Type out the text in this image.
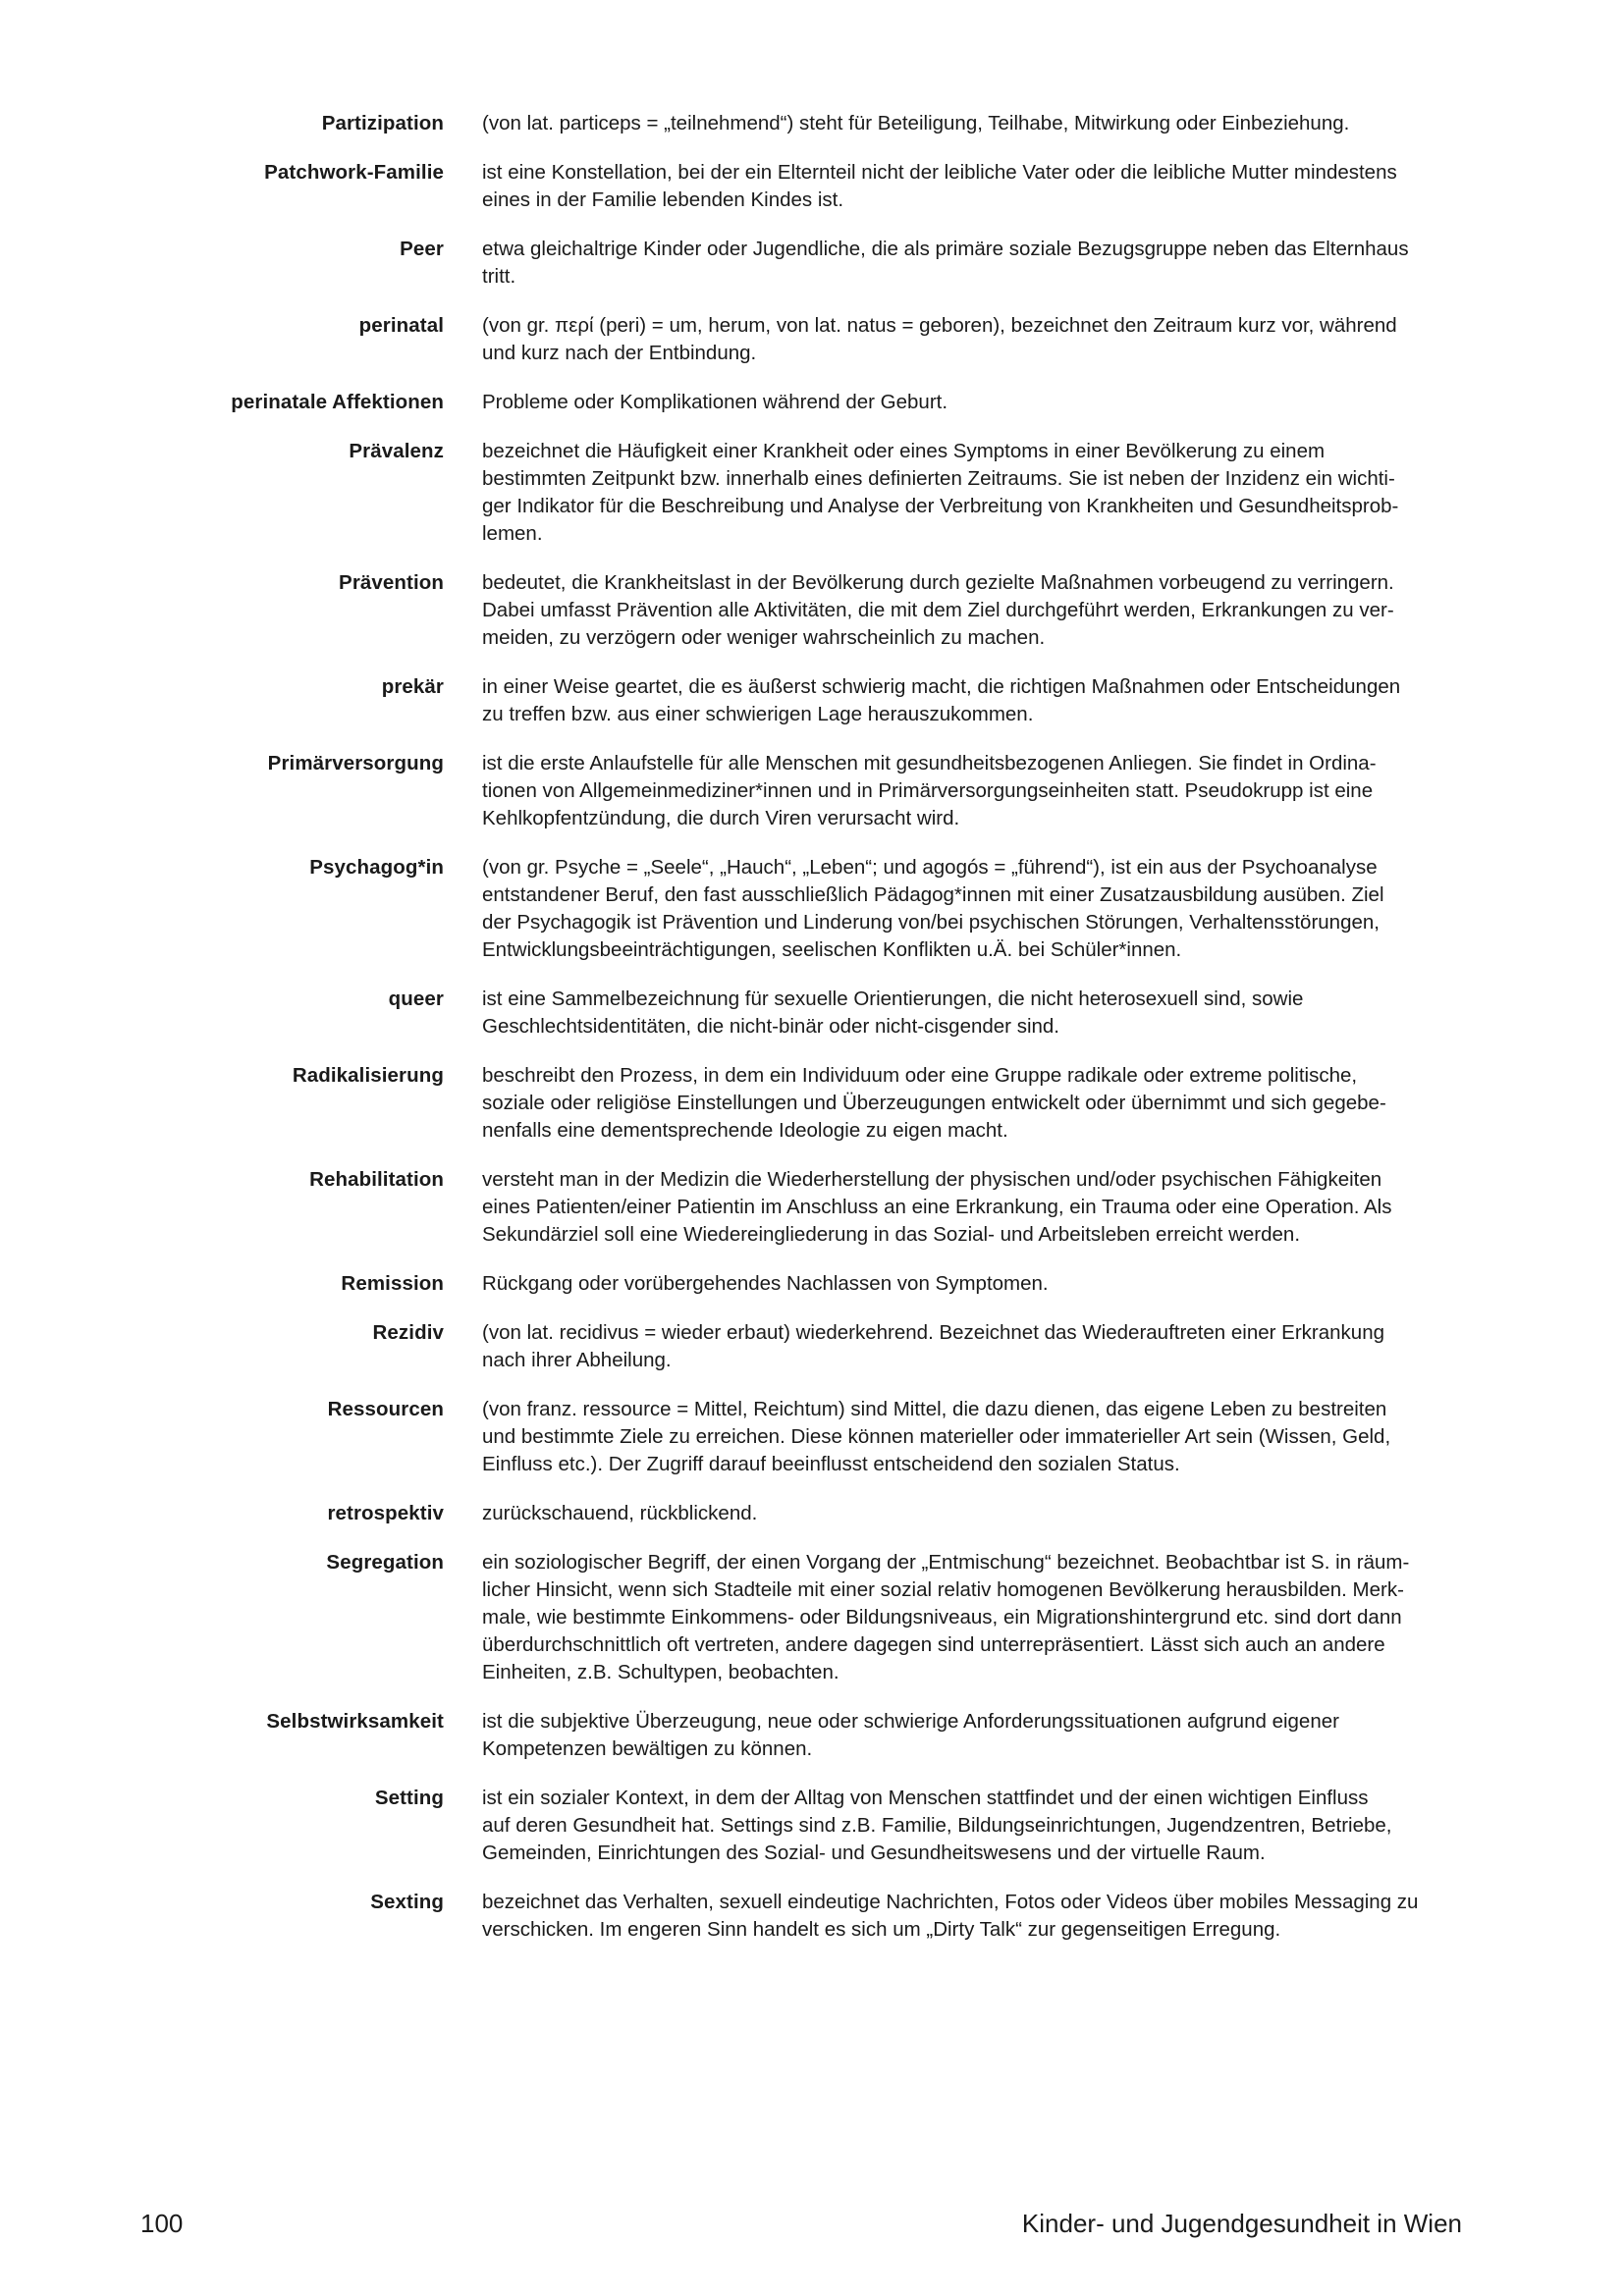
Partizipation (von lat. particeps = „teilnehmend“) steht für Beteiligung, Teilhabe, Mitwirkung oder Einbeziehung.
Patchwork-Familie ist eine Konstellation, bei der ein Elternteil nicht der leibliche Vater oder die leibliche Mutter mindestens
eines in der Familie lebenden Kindes ist.
Peer etwa gleichaltrige Kinder oder Jugendliche, die als primäre soziale Bezugsgruppe neben das Elternhaus
tritt.
perinatal (von gr. περί (peri) = um, herum, von lat. natus = geboren), bezeichnet den Zeitraum kurz vor, während
und kurz nach der Entbindung.
perinatale Affektionen Probleme oder Komplikationen während der Geburt.
Prävalenz bezeichnet die Häufigkeit einer Krankheit oder eines Symptoms in einer Bevölkerung zu einem
bestimmten Zeitpunkt bzw. innerhalb eines definierten Zeitraums. Sie ist neben der Inzidenz ein wichti-
ger Indikator für die Beschreibung und Analyse der Verbreitung von Krankheiten und Gesundheitsprob-
lemen.
Prävention bedeutet, die Krankheitslast in der Bevölkerung durch gezielte Maßnahmen vorbeugend zu verringern.
Dabei umfasst Prävention alle Aktivitäten, die mit dem Ziel durchgeführt werden, Erkrankungen zu ver-
meiden, zu verzögern oder weniger wahrscheinlich zu machen.
prekär in einer Weise geartet, die es äußerst schwierig macht, die richtigen Maßnahmen oder Entscheidungen
zu treffen bzw. aus einer schwierigen Lage herauszukommen.
Primärversorgung ist die erste Anlaufstelle für alle Menschen mit gesundheitsbezogenen Anliegen. Sie findet in Ordina-
tionen von Allgemeinmediziner*innen und in Primärversorgungseinheiten statt. Pseudokrupp ist eine
Kehlkopfentzündung, die durch Viren verursacht wird.
Psychagog*in (von gr. Psyche = „Seele“, „Hauch“, „Leben“; und agogós = „führend“), ist ein aus der Psychoanalyse
entstandener Beruf, den fast ausschließlich Pädagog*innen mit einer Zusatzausbildung ausüben. Ziel
der Psychagogik ist Prävention und Linderung von/bei psychischen Störungen, Verhaltensstörungen,
Entwicklungsbeeinträchtigungen, seelischen Konflikten u.Ä. bei Schüler*innen.
queer ist eine Sammelbezeichnung für sexuelle Orientierungen, die nicht heterosexuell sind, sowie
Geschlechtsidentitäten, die nicht-binär oder nicht-cisgender sind.
Radikalisierung beschreibt den Prozess, in dem ein Individuum oder eine Gruppe radikale oder extreme politische,
soziale oder religiöse Einstellungen und Überzeugungen entwickelt oder übernimmt und sich gegebe-
nenfalls eine dementsprechende Ideologie zu eigen macht.
Rehabilitation versteht man in der Medizin die Wiederherstellung der physischen und/oder psychischen Fähigkeiten
eines Patienten/einer Patientin im Anschluss an eine Erkrankung, ein Trauma oder eine Operation. Als
Sekundärziel soll eine Wiedereingliederung in das Sozial- und Arbeitsleben erreicht werden.
Remission Rückgang oder vorübergehendes Nachlassen von Symptomen.
Rezidiv (von lat. recidivus = wieder erbaut) wiederkehrend. Bezeichnet das Wiederauftreten einer Erkrankung
nach ihrer Abheilung.
Ressourcen (von franz. ressource = Mittel, Reichtum) sind Mittel, die dazu dienen, das eigene Leben zu bestreiten
und bestimmte Ziele zu erreichen. Diese können materieller oder immaterieller Art sein (Wissen, Geld,
Einfluss etc.). Der Zugriff darauf beeinflusst entscheidend den sozialen Status.
retrospektiv zurückschauend, rückblickend.
Segregation ein soziologischer Begriff, der einen Vorgang der „Entmischung“ bezeichnet. Beobachtbar ist S. in räum-
licher Hinsicht, wenn sich Stadteile mit einer sozial relativ homogenen Bevölkerung herausbilden. Merk-
male, wie bestimmte Einkommens- oder Bildungsniveaus, ein Migrationshintergrund etc. sind dort dann
überdurchschnittlich oft vertreten, andere dagegen sind unterrepräsentiert. Lässt sich auch an andere
Einheiten, z.B. Schultypen, beobachten.
Selbstwirksamkeit ist die subjektive Überzeugung, neue oder schwierige Anforderungssituationen aufgrund eigener
Kompetenzen bewältigen zu können.
Setting ist ein sozialer Kontext, in dem der Alltag von Menschen stattfindet und der einen wichtigen Einfluss
auf deren Gesundheit hat. Settings sind z.B. Familie, Bildungseinrichtungen, Jugendzentren, Betriebe,
Gemeinden, Einrichtungen des Sozial- und Gesundheitswesens und der virtuelle Raum.
Sexting bezeichnet das Verhalten, sexuell eindeutige Nachrichten, Fotos oder Videos über mobiles Messaging zu
verschicken. Im engeren Sinn handelt es sich um „Dirty Talk“ zur gegenseitigen Erregung.
100	Kinder- und Jugendgesundheit in Wien
